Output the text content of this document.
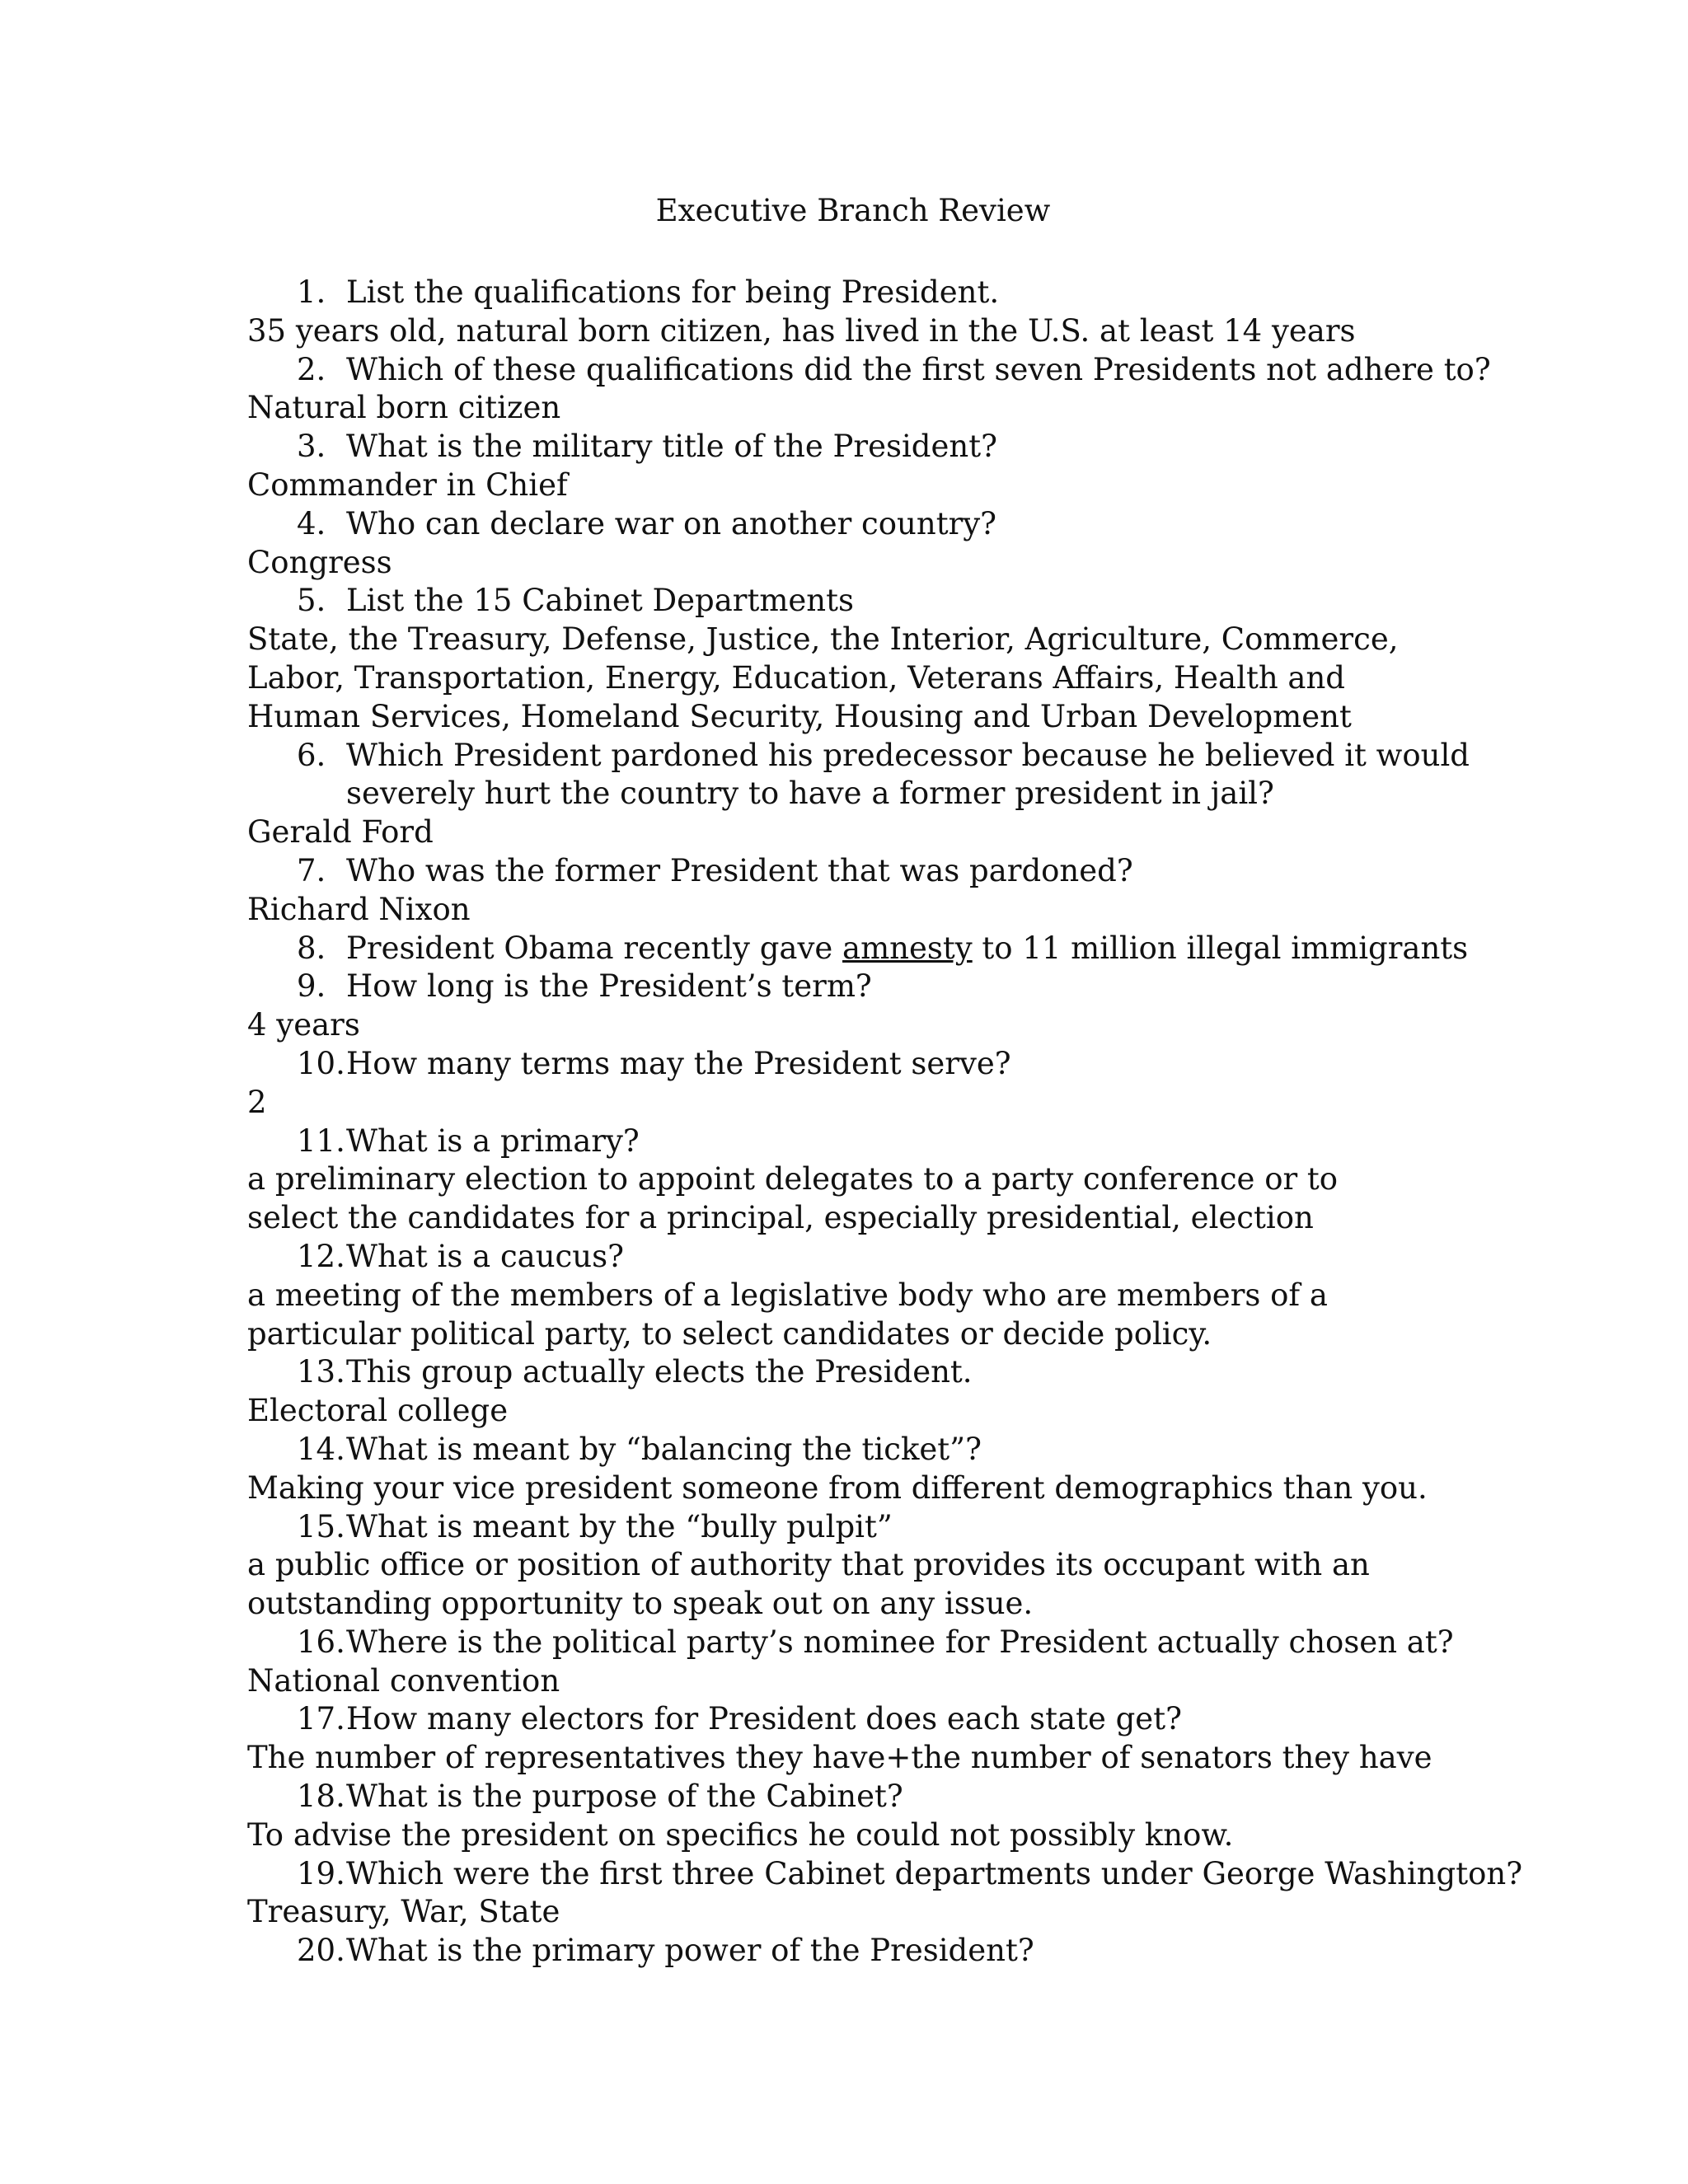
Executive Branch Review
1. List the qualifications for being President.
35 years old, natural born citizen, has lived in the U.S. at least 14 years
2. Which of these qualifications did the first seven Presidents not adhere to?
Natural born citizen
3. What is the military title of the President?
Commander in Chief
4. Who can declare war on another country?
Congress
5. List the 15 Cabinet Departments
State, the Treasury, Defense, Justice, the Interior, Agriculture, Commerce, Labor, Transportation, Energy, Education, Veterans Affairs, Health and Human Services, Homeland Security, Housing and Urban Development
6. Which President pardoned his predecessor because he believed it would severely hurt the country to have a former president in jail?
Gerald Ford
7. Who was the former President that was pardoned?
Richard Nixon
8. President Obama recently gave amnesty to 11 million illegal immigrants
9. How long is the President’s term?
4 years
10. How many terms may the President serve?
2
11. What is a primary?
a preliminary election to appoint delegates to a party conference or to select the candidates for a principal, especially presidential, election
12. What is a caucus?
a meeting of the members of a legislative body who are members of a particular political party, to select candidates or decide policy.
13. This group actually elects the President.
Electoral college
14. What is meant by “balancing the ticket”?
Making your vice president someone from different demographics than you.
15. What is meant by the “bully pulpit”
a public office or position of authority that provides its occupant with an outstanding opportunity to speak out on any issue.
16. Where is the political party’s nominee for President actually chosen at?
National convention
17. How many electors for President does each state get?
The number of representatives they have+the number of senators they have
18. What is the purpose of the Cabinet?
To advise the president on specifics he could not possibly know.
19. Which were the first three Cabinet departments under George Washington?
Treasury, War, State
20. What is the primary power of the President?
